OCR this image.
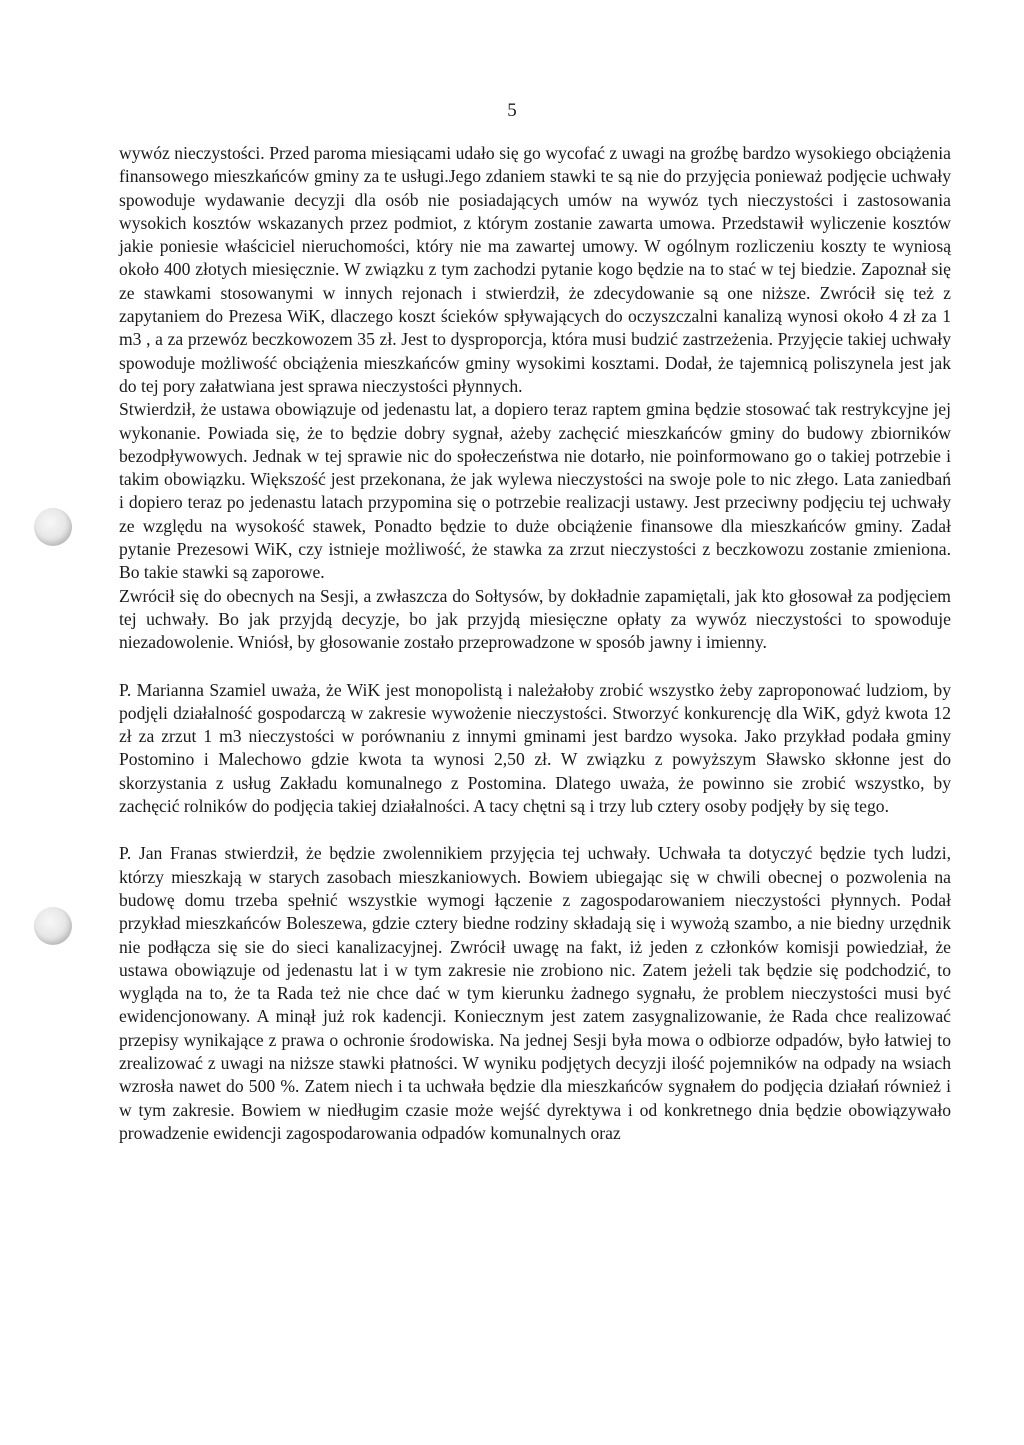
5

wywóz nieczystości. Przed paroma miesiącami udało się go wycofać z uwagi na groźbę bardzo wysokiego obciążenia finansowego mieszkańców gminy za te usługi.Jego zdaniem stawki te są nie do przyjęcia ponieważ podjęcie uchwały spowoduje wydawanie decyzji dla osób nie posiadających umów na wywóz tych nieczystości i zastosowania wysokich kosztów wskazanych przez podmiot, z którym zostanie zawarta umowa. Przedstawił wyliczenie kosztów jakie poniesie właściciel nieruchomości, który nie ma zawartej umowy. W ogólnym rozliczeniu koszty te wyniosą około 400 złotych miesięcznie. W związku z tym zachodzi pytanie kogo będzie na to stać w tej biedzie. Zapoznał się ze stawkami stosowanymi w innych rejonach i stwierdził, że zdecydowanie są one niższe. Zwrócił się też z zapytaniem do Prezesa WiK, dlaczego koszt ścieków spływających do oczyszczalni kanalizą wynosi około 4 zł za 1 m3 , a za przewóz beczkowozem 35 zł. Jest to dysproporcja, która musi budzić zastrzeżenia. Przyjęcie takiej uchwały spowoduje możliwość obciążenia mieszkańców gminy wysokimi kosztami. Dodał, że tajemnicą poliszynela jest jak do tej pory załatwiana jest sprawa nieczystości płynnych.

Stwierdził, że ustawa obowiązuje od jedenastu lat, a dopiero teraz raptem gmina będzie stosować tak restrykcyjne jej wykonanie. Powiada się, że to będzie dobry sygnał, ażeby zachęcić mieszkańców gminy do budowy zbiorników bezodpływowych. Jednak w tej sprawie nic do społeczeństwa nie dotarło, nie poinformowano go o takiej potrzebie i takim obowiązku. Większość jest przekonana, że jak wylewa nieczystości na swoje pole to nic złego. Lata zaniedbań i dopiero teraz po jedenastu latach przypomina się o potrzebie realizacji ustawy. Jest przeciwny podjęciu tej uchwały ze względu na wysokość stawek, Ponadto będzie to duże obciążenie finansowe dla mieszkańców gminy. Zadał pytanie Prezesowi WiK, czy istnieje możliwość, że stawka za zrzut nieczystości z beczkowozu zostanie zmieniona. Bo takie stawki są zaporowe.

Zwrócił się do obecnych na Sesji, a zwłaszcza do Sołtysów, by dokładnie zapamiętali, jak kto głosował za podjęciem tej uchwały. Bo jak przyjdą decyzje, bo jak przyjdą miesięczne opłaty za wywóz nieczystości to spowoduje niezadowolenie. Wniósł, by głosowanie zostało przeprowadzone w sposób jawny i imienny.

P. Marianna Szamiel uważa, że WiK jest monopolistą i należałoby zrobić wszystko żeby zaproponować ludziom, by podjęli działalność gospodarczą w zakresie wywożenie nieczystości. Stworzyć konkurencję dla WiK, gdyż kwota 12 zł za zrzut 1 m3 nieczystości w porównaniu z innymi gminami jest bardzo wysoka. Jako przykład podała gminy Postomino i Malechowo gdzie kwota ta wynosi 2,50 zł. W związku z powyższym Sławsko skłonne jest do skorzystania z usług Zakładu komunalnego z Postomina. Dlatego uważa, że powinno sie zrobić wszystko, by zachęcić rolników do podjęcia takiej działalności. A tacy chętni są i trzy lub cztery osoby podjęły by się tego.

P. Jan Franas stwierdził, że będzie zwolennikiem przyjęcia tej uchwały. Uchwała ta dotyczyć będzie tych ludzi, którzy mieszkają w starych zasobach mieszkaniowych. Bowiem ubiegając się w chwili obecnej o pozwolenia na budowę domu trzeba spełnić wszystkie wymogi łączenie z zagospodarowaniem nieczystości płynnych. Podał przykład mieszkańców Boleszewa, gdzie cztery biedne rodziny składają się i wywożą szambo, a nie biedny urzędnik nie podłącza się sie do sieci kanalizacyjnej. Zwrócił uwagę na fakt, iż jeden z członków komisji powiedział, że ustawa obowiązuje od jedenastu lat i w tym zakresie nie zrobiono nic. Zatem jeżeli tak będzie się podchodzić, to wygląda na to, że ta Rada też nie chce dać w tym kierunku żadnego sygnału, że problem nieczystości musi być ewidencjonowany. A minął już rok kadencji. Koniecznym jest zatem zasygnalizowanie, że Rada chce realizować przepisy wynikające z prawa o ochronie środowiska. Na jednej Sesji była mowa o odbiorze odpadów, było łatwiej to zrealizować z uwagi na niższe stawki płatności. W wyniku podjętych decyzji ilość pojemników na odpady na wsiach wzrosła nawet do 500 %. Zatem niech i ta uchwała będzie dla mieszkańców sygnałem do podjęcia działań również i w tym zakresie. Bowiem w niedługim czasie może wejść dyrektywa i od konkretnego dnia będzie obowiązywało prowadzenie ewidencji zagospodarowania odpadów komunalnych oraz
